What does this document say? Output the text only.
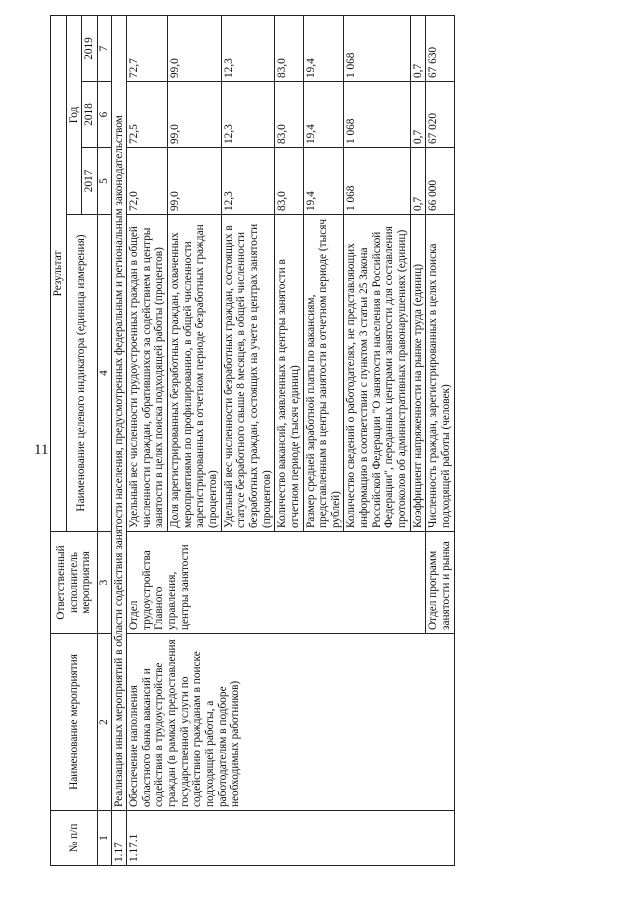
11
№ п/п	Наименование мероприятия	Ответственный исполнитель мероприятия	Результат			
			Наименование целевого индикатора (единица измерения)	Год		
				2017	2018	2019
1	2	3	4	5	6	7
1.17	Реализация иных мероприятий в области содействия занятости населения, предусмотренных федеральным и региональным законодательством					
1.17.1	Обеспечение наполнения областного банка вакансий и содействия в трудоустройстве граждан (в рамках предоставления государственной услуги по содействию гражданам в поиске подходящей работы, а работодателям в подборе необходимых работников)	Отдел трудоустройства Главного управления, центры занятости	Удельный вес численности трудоустроенных граждан в общей численности граждан, обратившихся за содействием в центры занятости в целях поиска подходящей работы (процентов)	72,0	72,5	72,7
			Доля зарегистрированных безработных граждан, охваченных мероприятиями по профилированию, в общей численности зарегистрированных в отчетном периоде безработных граждан (процентов)	99,0	99,0	99,0
			Удельный вес численности безработных граждан, состоящих в статусе безработного свыше 8 месяцев, в общей численности безработных граждан, состоящих на учете в центрах занятости (процентов)	12,3	12,3	12,3
			Количество вакансий, заявленных в центры занятости в отчетном периоде (тысяч единиц)	83,0	83,0	83,0
			Размер средней заработной платы по вакансиям, представленным в центры занятости в отчетном периоде (тысяч рублей)	19,4	19,4	19,4
			Количество сведений о работодателях, не представляющих информацию в соответствии с пунктом 3 статьи 25 Закона Российской Федерации "О занятости населения в Российской Федерации", переданных центрами занятости для составления протоколов об административных правонарушениях (единиц)	1 068	1 068	1 068
			Коэффициент напряженности на рынке труда (единиц)	0,7	0,7	0,7
		Отдел программ занятости и рынка	Численность граждан, зарегистрированных в целях поиска подходящей работы (человек)	66 000	67 020	67 630
